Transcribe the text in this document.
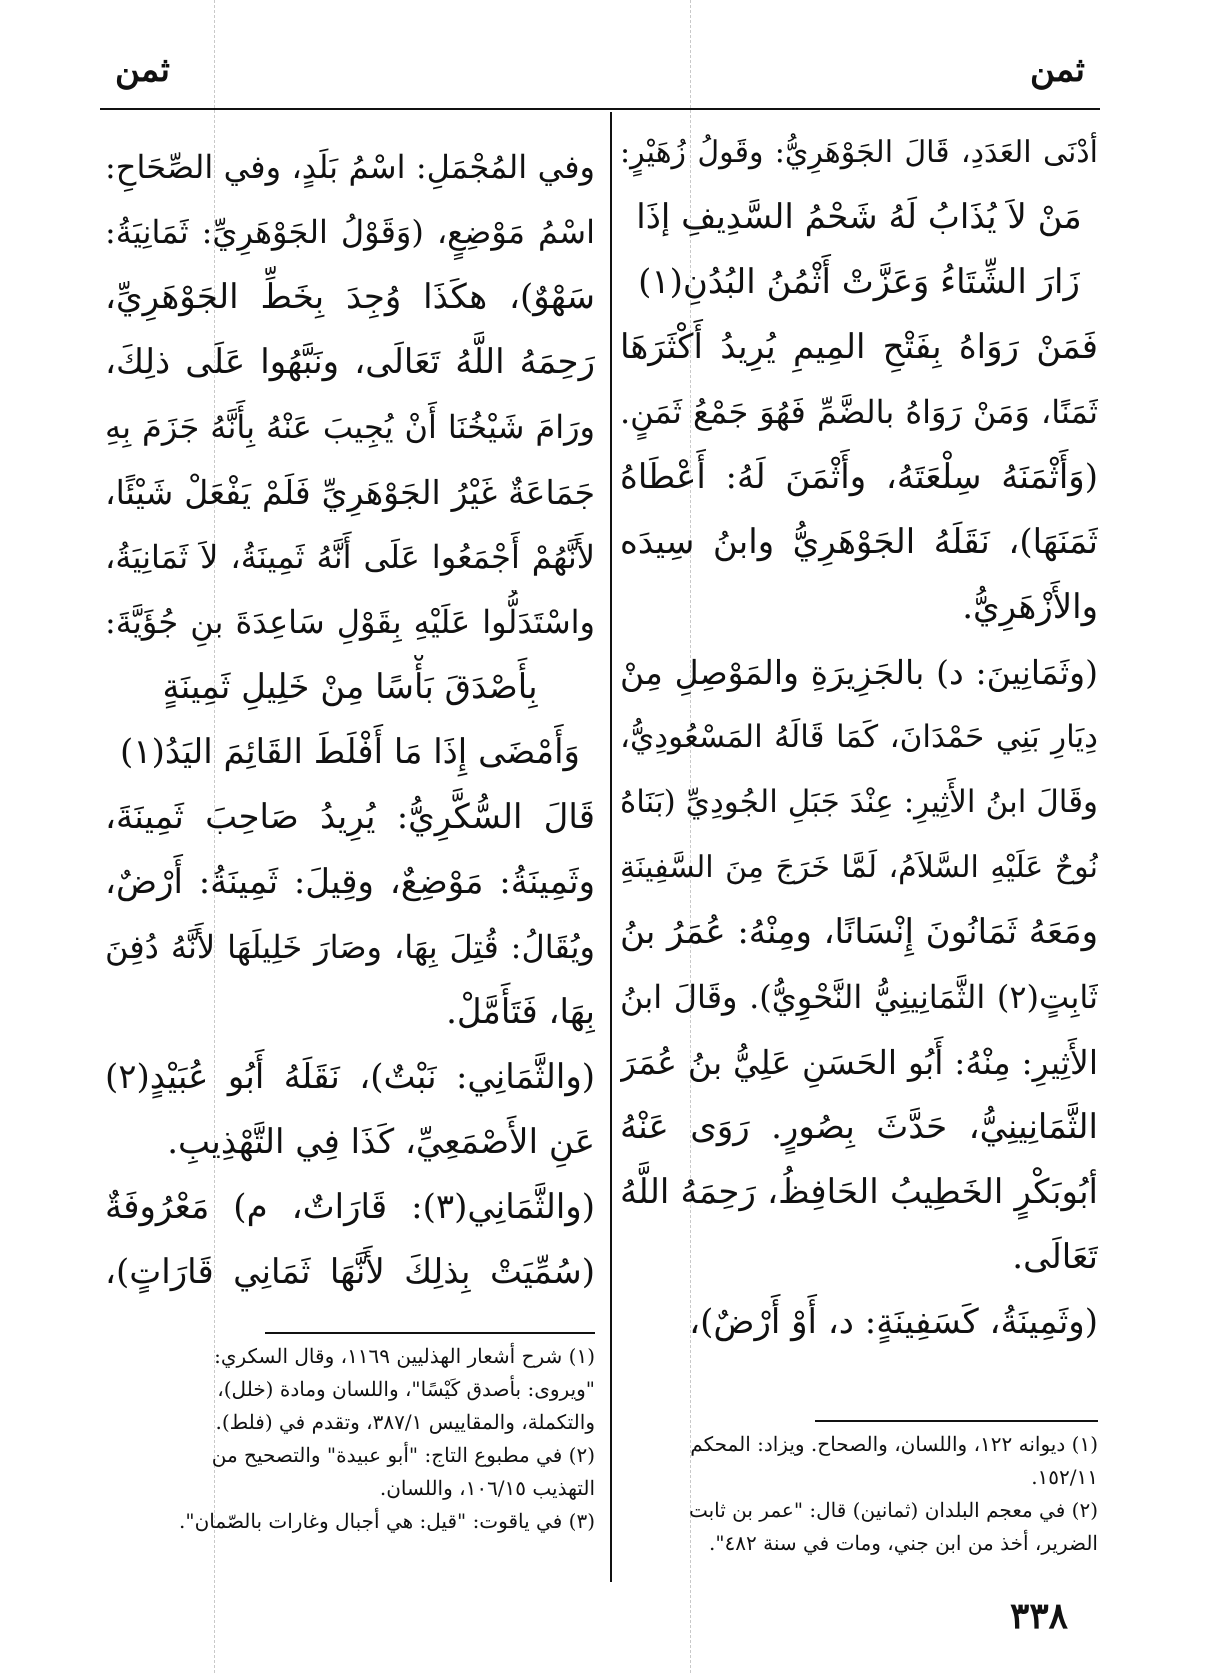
ثمن	ثمن
أدْنَى العَدَدِ، قَالَ الجَوْهَرِيُّ: وقَولُ زُهَيْرٍ:
مَنْ لاَ يُذَابُ لَهُ شَحْمُ السَّدِيفِ إذَا
زَارَ الشِّتَاءُ وَعَزَّتْ أَثْمُنُ البُدُنِ(١)
فَمَنْ رَوَاهُ بِفَتْحِ المِيمِ يُرِيدُ أَكْثَرَهَا
ثَمَنًا، وَمَنْ رَوَاهُ بالضَّمِّ فَهُوَ جَمْعُ ثَمَنٍ.
(وَأَثْمَنَهُ سِلْعَتَهُ، وأَثْمَنَ لَهُ: أَعْطَاهُ
ثَمَنَهَا)، نَقَلَهُ الجَوْهَرِيُّ وابنُ سِيدَه
والأَزْهَرِيُّ.
(وثَمَانِينَ: د) بالجَزِيرَةِ والمَوْصِلِ مِنْ
دِيَارِ بَنِي حَمْدَانَ، كَمَا قَالَهُ المَسْعُودِيُّ،
وقَالَ ابنُ الأَثِيرِ: عِنْدَ جَبَلِ الجُودِيِّ (بَنَاهُ
نُوحٌ عَلَيْهِ السَّلاَمُ، لَمَّا خَرَجَ مِنَ السَّفِينَةِ
ومَعَهُ ثَمَانُونَ إِنْسَانًا، ومِنْهُ: عُمَرُ بنُ
ثَابِتٍ(٢) الثَّمَانِينِيُّ النَّحْوِيُّ). وقَالَ ابنُ
الأَثِيرِ: مِنْهُ: أَبُو الحَسَنِ عَلِيُّ بنُ عُمَرَ
الثَّمَانِينِيُّ، حَدَّثَ بِصُورٍ. رَوَى عَنْهُ
أبُوبَكْرٍ الخَطِيبُ الحَافِظُ، رَحِمَهُ اللَّهُ
تَعَالَى.
(وثَمِينَةُ، كَسَفِينَةٍ: د، أَوْ أَرْضٌ)،
(١) ديوانه ١٢٢، واللسان، والصحاح. ويزاد: المحكم
١٥٢/١١.
(٢) في معجم البلدان (ثمانين) قال: "عمر بن ثابت
الضرير، أخذ من ابن جني، ومات في سنة ٤٨٢".
وفي المُجْمَلِ: اسْمُ بَلَدٍ، وفي الصِّحَاحِ:
اسْمُ مَوْضِعٍ، (وَقَوْلُ الجَوْهَرِيِّ: ثَمَانِيَةُ:
سَهْوٌ)، هكَذَا وُجِدَ بِخَطِّ الجَوْهَرِيِّ،
رَحِمَهُ اللَّهُ تَعَالَى، ونَبَّهُوا عَلَى ذلِكَ،
ورَامَ شَيْخُنَا أَنْ يُجِيبَ عَنْهُ بِأَنَّهُ جَزَمَ بِهِ
جَمَاعَةٌ غَيْرُ الجَوْهَرِيِّ فَلَمْ يَفْعَلْ شَيْئًا،
لأَنَّهُمْ أَجْمَعُوا عَلَى أَنَّهُ ثَمِينَةُ، لاَ ثَمَانِيَةُ،
واسْتَدَلُّوا عَلَيْهِ بِقَوْلِ سَاعِدَةَ بنِ جُؤَيَّةَ:
بِأَصْدَقَ بَأْسًا مِنْ خَلِيلِ ثَمِينَةٍ
وَأَمْضَى إِذَا مَا أَفْلَطَ القَائِمَ اليَدُ(١)
قَالَ السُّكَّرِيُّ: يُرِيدُ صَاحِبَ ثَمِينَةَ،
وثَمِينَةُ: مَوْضِعٌ، وقِيلَ: ثَمِينَةُ: أَرْضٌ،
ويُقَالُ: قُتِلَ بِهَا، وصَارَ خَلِيلَهَا لأَنَّهُ دُفِنَ
بِهَا، فَتَأَمَّلْ.
(والثَّمَانِي: نَبْتٌ)، نَقَلَهُ أَبُو عُبَيْدٍ(٢)
عَنِ الأَصْمَعِيِّ، كَذَا فِي التَّهْذِيبِ.
(والثَّمَانِي(٣): قَارَاتٌ، م) مَعْرُوفَةٌ
(سُمِّيَتْ بِذلِكَ لأَنَّهَا ثَمَانِي قَارَاتٍ)،
(١) شرح أشعار الهذليين ١١٦٩، وقال السكري:
"ويروى: بأصدق كَيْسًا"، واللسان ومادة (خلل)،
والتكملة، والمقاييس ٣٨٧/١، وتقدم في (فلط).
(٢) في مطبوع التاج: "أبو عبيدة" والتصحيح من
التهذيب ١٠٦/١٥، واللسان.
(٣) في ياقوت: "قيل: هي أجبال وغارات بالصّمان".
٣٣٨
